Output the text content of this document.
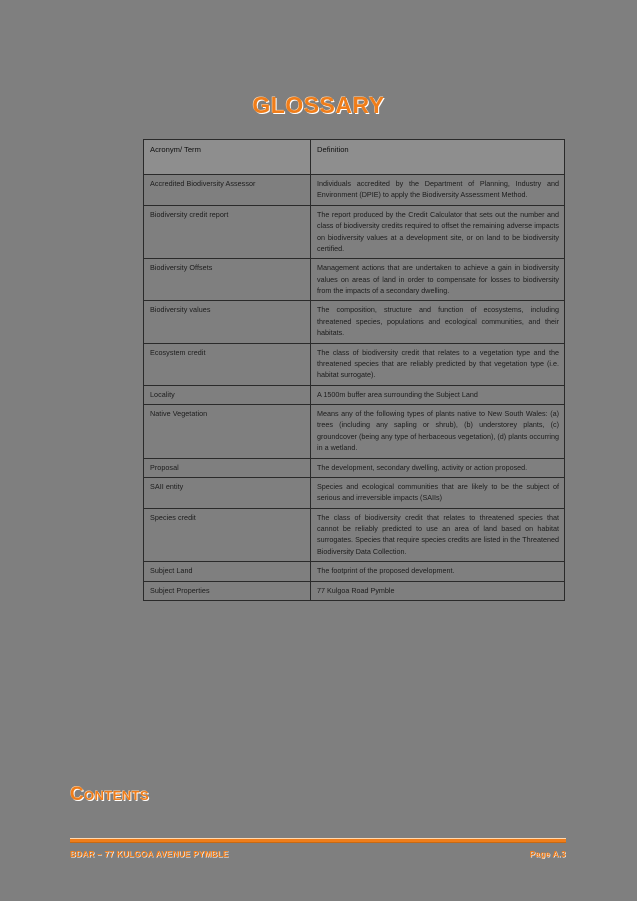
GLOSSARY
Acronym/ Term	Definition
Accredited Biodiversity Assessor	Individuals accredited by the Department of Planning, Industry and Environment (DPIE) to apply the Biodiversity Assessment Method.
Biodiversity credit report	The report produced by the Credit Calculator that sets out the number and class of biodiversity credits required to offset the remaining adverse impacts on biodiversity values at a development site, or on land to be biodiversity certified.
Biodiversity Offsets	Management actions that are undertaken to achieve a gain in biodiversity values on areas of land in order to compensate for losses to biodiversity from the impacts of a secondary dwelling.
Biodiversity values	The composition, structure and function of ecosystems, including threatened species, populations and ecological communities, and their habitats.
Ecosystem credit	The class of biodiversity credit that relates to a vegetation type and the threatened species that are reliably predicted by that vegetation type (i.e. habitat surrogate).
Locality	A 1500m buffer area surrounding the Subject Land
Native Vegetation	Means any of the following types of plants native to New South Wales: (a) trees (including any sapling or shrub), (b) understorey plants, (c) groundcover (being any type of herbaceous vegetation), (d) plants occurring in a wetland.
Proposal	The development, secondary dwelling, activity or action proposed.
SAII entity	Species and ecological communities that are likely to be the subject of serious and irreversible impacts (SAIIs)
Species credit	The class of biodiversity credit that relates to threatened species that cannot be reliably predicted to use an area of land based on habitat surrogates. Species that require species credits are listed in the Threatened Biodiversity Data Collection.
Subject Land	The footprint of the proposed development.
Subject Properties	77 Kulgoa Road Pymble
Contents
BDAR – 77 KULGOA AVENUE PYMBLE	Page A.3
